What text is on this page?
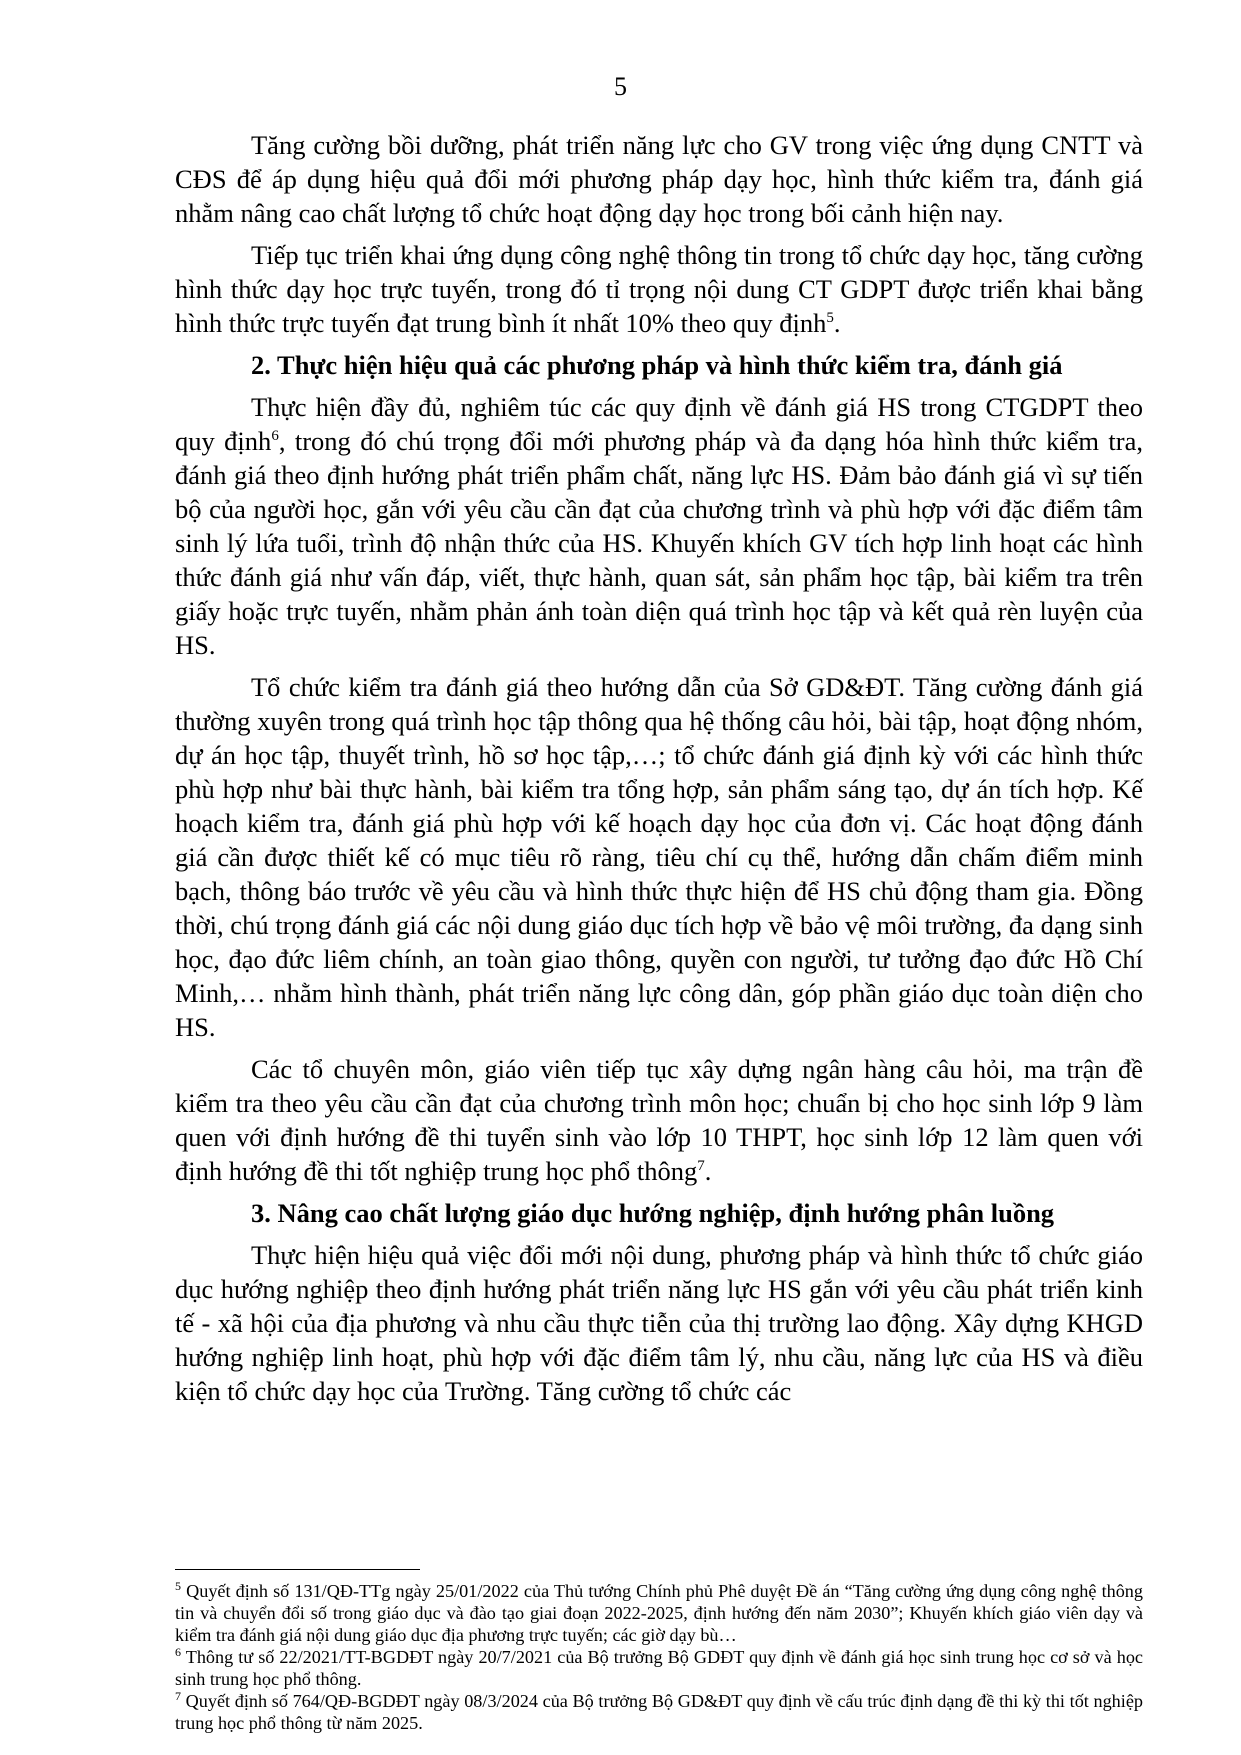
5

Tăng cường bồi dưỡng, phát triển năng lực cho GV trong việc ứng dụng CNTT và CĐS để áp dụng hiệu quả đổi mới phương pháp dạy học, hình thức kiểm tra, đánh giá nhằm nâng cao chất lượng tổ chức hoạt động dạy học trong bối cảnh hiện nay.

Tiếp tục triển khai ứng dụng công nghệ thông tin trong tổ chức dạy học, tăng cường hình thức dạy học trực tuyến, trong đó tỉ trọng nội dung CT GDPT được triển khai bằng hình thức trực tuyến đạt trung bình ít nhất 10% theo quy định$^5$.

2. Thực hiện hiệu quả các phương pháp và hình thức kiểm tra, đánh giá

Thực hiện đầy đủ, nghiêm túc các quy định về đánh giá HS trong CTGDPT theo quy định$^6$, trong đó chú trọng đổi mới phương pháp và đa dạng hóa hình thức kiểm tra, đánh giá theo định hướng phát triển phẩm chất, năng lực HS. Đảm bảo đánh giá vì sự tiến bộ của người học, gắn với yêu cầu cần đạt của chương trình và phù hợp với đặc điểm tâm sinh lý lứa tuổi, trình độ nhận thức của HS. Khuyến khích GV tích hợp linh hoạt các hình thức đánh giá như vấn đáp, viết, thực hành, quan sát, sản phẩm học tập, bài kiểm tra trên giấy hoặc trực tuyến, nhằm phản ánh toàn diện quá trình học tập và kết quả rèn luyện của HS.

Tổ chức kiểm tra đánh giá theo hướng dẫn của Sở GD&ĐT. Tăng cường đánh giá thường xuyên trong quá trình học tập thông qua hệ thống câu hỏi, bài tập, hoạt động nhóm, dự án học tập, thuyết trình, hồ sơ học tập,…; tổ chức đánh giá định kỳ với các hình thức phù hợp như bài thực hành, bài kiểm tra tổng hợp, sản phẩm sáng tạo, dự án tích hợp. Kế hoạch kiểm tra, đánh giá phù hợp với kế hoạch dạy học của đơn vị. Các hoạt động đánh giá cần được thiết kế có mục tiêu rõ ràng, tiêu chí cụ thể, hướng dẫn chấm điểm minh bạch, thông báo trước về yêu cầu và hình thức thực hiện để HS chủ động tham gia. Đồng thời, chú trọng đánh giá các nội dung giáo dục tích hợp về bảo vệ môi trường, đa dạng sinh học, đạo đức liêm chính, an toàn giao thông, quyền con người, tư tưởng đạo đức Hồ Chí Minh,… nhằm hình thành, phát triển năng lực công dân, góp phần giáo dục toàn diện cho HS.

Các tổ chuyên môn, giáo viên tiếp tục xây dựng ngân hàng câu hỏi, ma trận đề kiểm tra theo yêu cầu cần đạt của chương trình môn học; chuẩn bị cho học sinh lớp 9 làm quen với định hướng đề thi tuyển sinh vào lớp 10 THPT, học sinh lớp 12 làm quen với định hướng đề thi tốt nghiệp trung học phổ thông$^7$.

3. Nâng cao chất lượng giáo dục hướng nghiệp, định hướng phân luồng

Thực hiện hiệu quả việc đổi mới nội dung, phương pháp và hình thức tổ chức giáo dục hướng nghiệp theo định hướng phát triển năng lực HS gắn với yêu cầu phát triển kinh tế - xã hội của địa phương và nhu cầu thực tiễn của thị trường lao động. Xây dựng KHGD hướng nghiệp linh hoạt, phù hợp với đặc điểm tâm lý, nhu cầu, năng lực của HS và điều kiện tổ chức dạy học của Trường. Tăng cường tổ chức các

$^5$ Quyết định số 131/QĐ-TTg ngày 25/01/2022 của Thủ tướng Chính phủ Phê duyệt Đề án “Tăng cường ứng dụng công nghệ thông tin và chuyển đổi số trong giáo dục và đào tạo giai đoạn 2022-2025, định hướng đến năm 2030”; Khuyến khích giáo viên dạy và kiểm tra đánh giá nội dung giáo dục địa phương trực tuyến; các giờ dạy bù…

$^6$ Thông tư số 22/2021/TT-BGDĐT ngày 20/7/2021 của Bộ trưởng Bộ GDĐT quy định về đánh giá học sinh trung học cơ sở và học sinh trung học phổ thông.

$^7$ Quyết định số 764/QĐ-BGDĐT ngày 08/3/2024 của Bộ trưởng Bộ GD&ĐT quy định về cấu trúc định dạng đề thi kỳ thi tốt nghiệp trung học phổ thông từ năm 2025.
